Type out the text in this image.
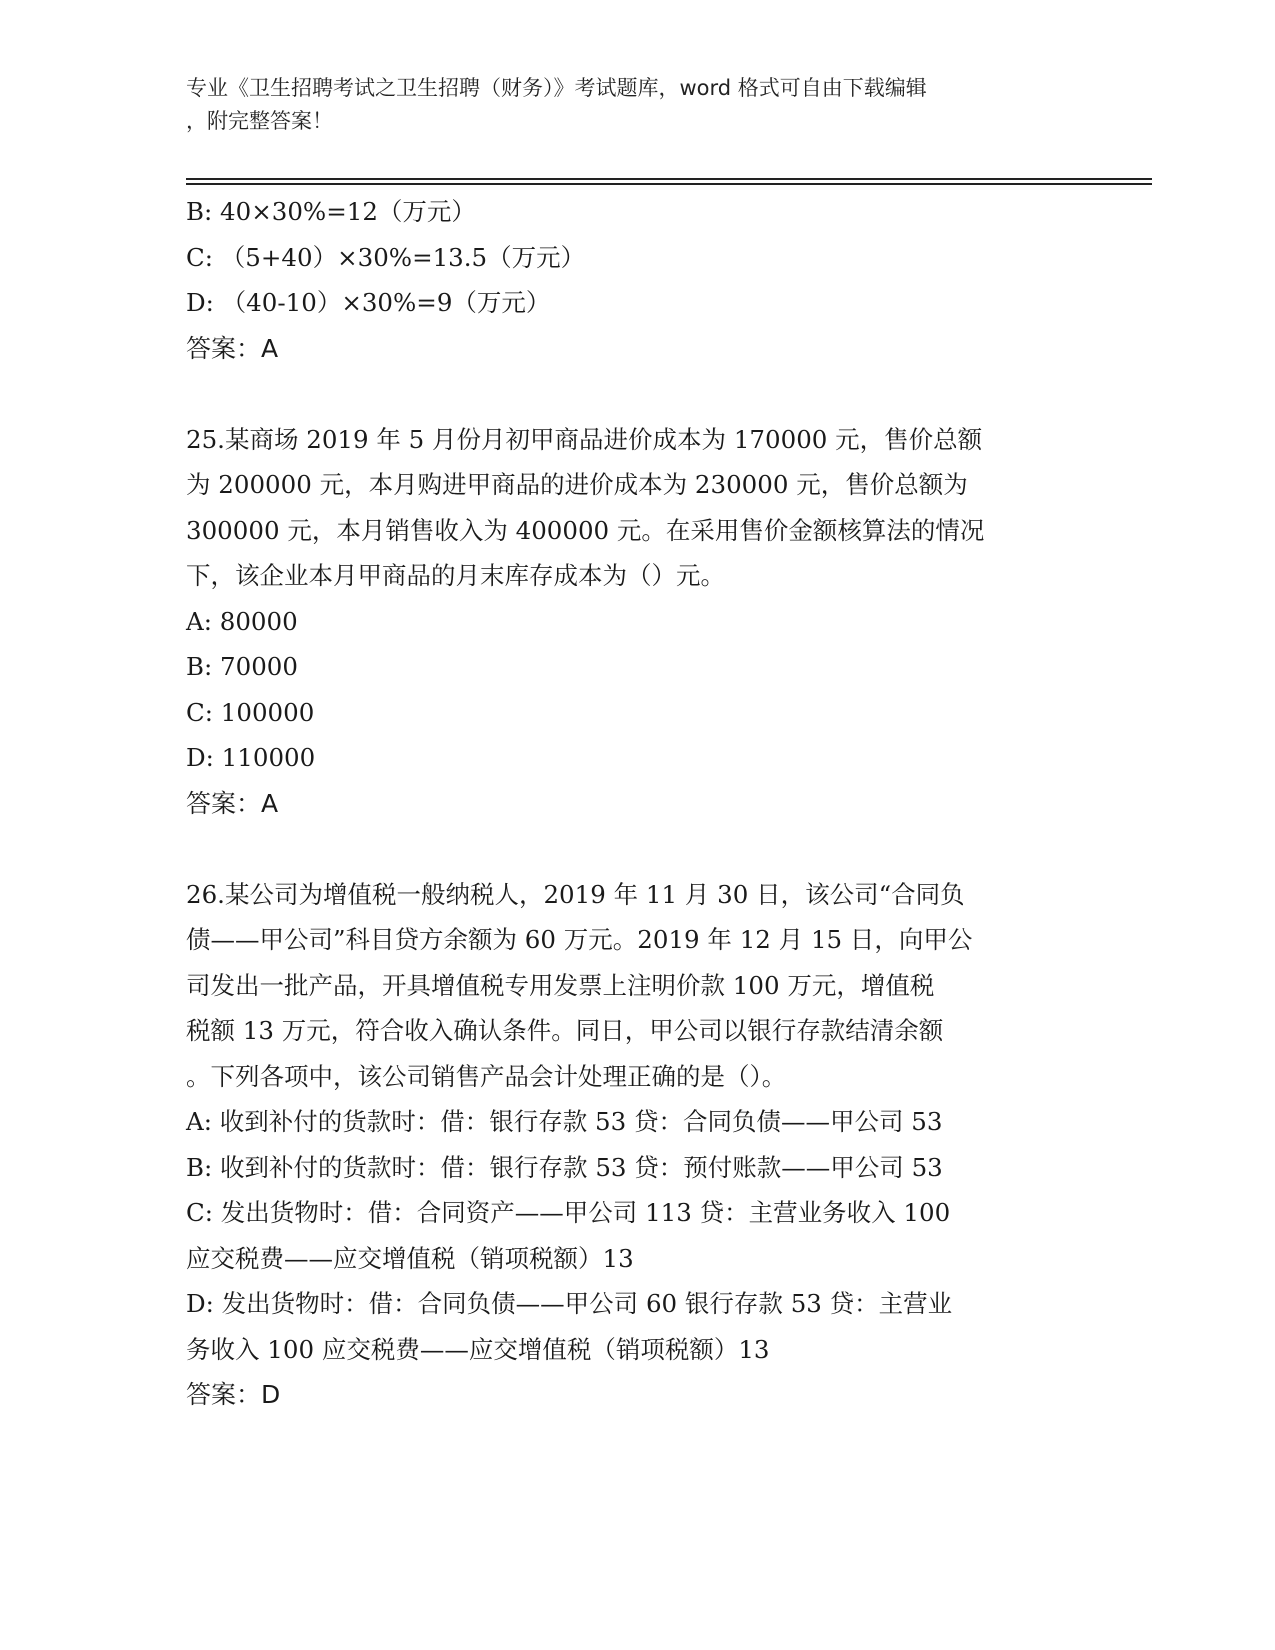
专业《卫生招聘考试之卫生招聘（财务）》考试题库，word 格式可自由下载编辑
，附完整答案！
B: 40×30%=12（万元）
C: （5+40）×30%=13.5（万元）
D: （40-10）×30%=9（万元）
答案：A
25.某商场 2019 年 5 月份月初甲商品进价成本为 170000 元，售价总额
为 200000 元，本月购进甲商品的进价成本为 230000 元，售价总额为
300000 元，本月销售收入为 400000 元。在采用售价金额核算法的情况
下，该企业本月甲商品的月末库存成本为（）元。
A: 80000
B: 70000
C: 100000
D: 110000
答案：A
26.某公司为增值税一般纳税人，2019 年 11 月 30 日，该公司“合同负
债——甲公司”科目贷方余额为 60 万元。2019 年 12 月 15 日，向甲公
司发出一批产品，开具增值税专用发票上注明价款 100 万元，增值税
税额 13 万元，符合收入确认条件。同日，甲公司以银行存款结清余额
。下列各项中，该公司销售产品会计处理正确的是（）。
A: 收到补付的货款时：借：银行存款 53 贷：合同负债——甲公司 53
B: 收到补付的货款时：借：银行存款 53 贷：预付账款——甲公司 53
C: 发出货物时：借：合同资产——甲公司 113 贷：主营业务收入 100
应交税费——应交增值税（销项税额）13
D: 发出货物时：借：合同负债——甲公司 60 银行存款 53 贷：主营业
务收入 100 应交税费——应交增值税（销项税额）13
答案：D
